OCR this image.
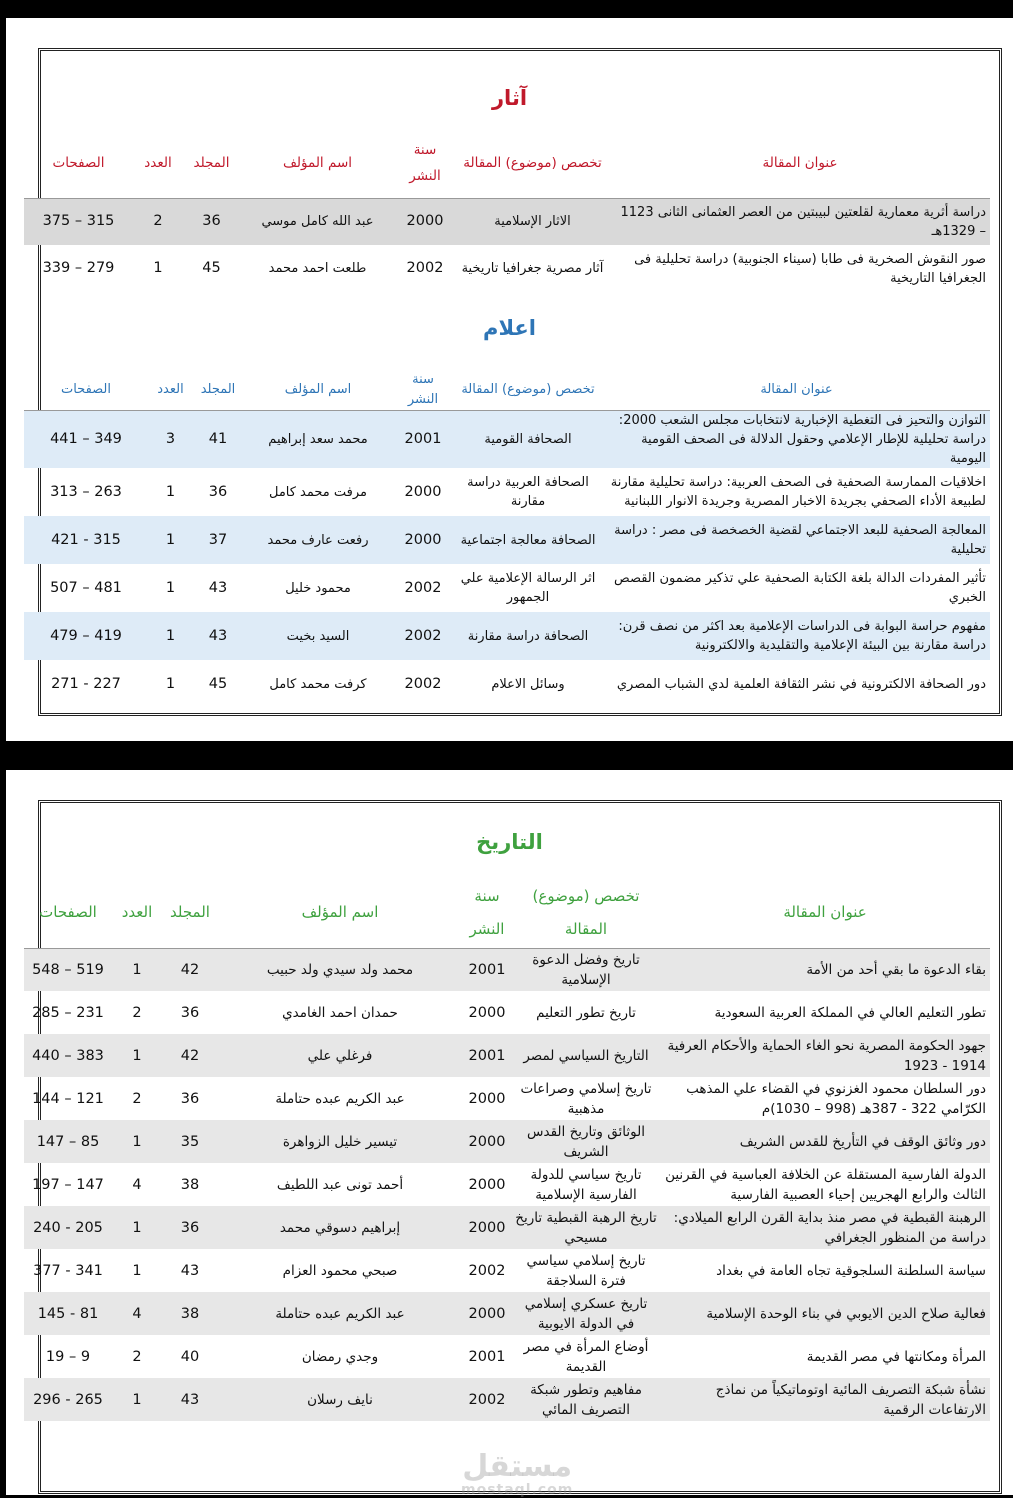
آثار
عنوان المقالة	تخصص (موضوع) المقالة	سنة النشر	اسم المؤلف	المجلد	العدد	الصفحات
دراسة أثرية معمارية لقلعتين لبيبتين من العصر العثمانى الثانى 1123 – 1329هـ	الاثار الإسلامية	2000	عبد الله كامل موسي	36	2	315 – 375
صور النقوش الصخرية فى طابا (سيناء الجنوبية) دراسة تحليلية فى الجغرافيا التاريخية	آثار مصرية جغرافيا تاريخية	2002	طلعت احمد محمد	45	1	279 – 339
اعلام
عنوان المقالة	تخصص (موضوع) المقالة	سنة النشر	اسم المؤلف	المجلد	العدد	الصفحات
التوازن والتحيز فى التغطية الإخبارية لانتخابات مجلس الشعب 2000: دراسة تحليلية للإطار الإعلامي وحقول الدلالة فى الصحف القومية اليومية	الصحافة القومية	2001	محمد سعد إبراهيم	41	3	349 – 441
اخلاقيات الممارسة الصحفية فى الصحف العربية: دراسة تحليلية مقارنة لطبيعة الأداء الصحفي بجريدة الاخبار المصرية وجريدة الانوار اللبنانية	الصحافة العربية دراسة مقارنة	2000	مرفت محمد كامل	36	1	263 – 313
المعالجة الصحفية للبعد الاجتماعي لقضية الخصخصة فى مصر : دراسة تحليلية	الصحافة معالجة اجتماعية	2000	رفعت عارف محمد	37	1	315 - 421
تأثير المفردات الدالة بلغة الكتابة الصحفية علي تذكير مضمون القصص الخبري	اثر الرسالة الإعلامية علي الجمهور	2002	محمود خليل	43	1	481 – 507
مفهوم حراسة البوابة فى الدراسات الإعلامية بعد اكثر من نصف قرن: دراسة مقارنة بين البيئة الإعلامية والتقليدية والالكترونية	الصحافة دراسة مقارنة	2002	السيد بخيت	43	1	419 – 479
دور الصحافة الالكترونية في نشر الثقافة العلمية لدي الشباب المصري	وسائل الاعلام	2002	كرفت محمد كامل	45	1	227 - 271
التاريخ
عنوان المقالة	تخصص (موضوع) المقالة	سنة النشر	اسم المؤلف	المجلد	العدد	الصفحات
بقاء الدعوة ما بقي أحد من الأمة	تاريخ وفضل الدعوة الإسلامية	2001	محمد ولد سيدي ولد حبيب	42	1	519 – 548
تطور التعليم العالي في المملكة العربية السعودية	تاريخ تطور التعليم	2000	حمدان احمد الغامدي	36	2	231 – 285
جهود الحكومة المصرية نحو الغاء الحماية والأحكام العرفية 1914 - 1923	التاريخ السياسي لمصر	2001	فرغلي علي	42	1	383 – 440
دور السلطان محمود الغزنوي في القضاء علي المذهب الكرّامي 322 - 387هـ (998 – 1030)م	تاريخ إسلامي وصراعات مذهبية	2000	عبد الكريم عبده حتاملة	36	2	121 – 144
دور وثائق الوقف في التأريخ للقدس الشريف	الوثائق وتاريخ القدس الشريف	2000	تيسير خليل الزواهرة	35	1	85 – 147
الدولة الفارسية المستقلة عن الخلافة العباسية في القرنين الثالث والرابع الهجريين إحياء العصبية الفارسية	تاريخ سياسي للدولة الفارسية الإسلامية	2000	أحمد تونى عبد اللطيف	38	4	147 – 197
الرهبنة القبطية في مصر منذ بداية القرن الرابع الميلادي: دراسة من المنظور الجغرافي	تاريخ الرهبة القبطية تاريخ مسيحي	2000	إبراهيم دسوقي محمد	36	1	205 - 240
سياسة السلطنة السلجوقية تجاه العامة في بغداد	تاريخ إسلامي سياسي فترة السلاجقة	2002	صبحي محمود العزام	43	1	341 - 377
فعالية صلاح الدين الايوبي في بناء الوحدة الإسلامية	تاريخ عسكري إسلامي في الدولة الايوبية	2000	عبد الكريم عبده حتاملة	38	4	81 - 145
المرأة ومكانتها في مصر القديمة	أوضاع المرأة في مصر القديمة	2001	وجدي رمضان	40	2	9 – 19
نشأة شبكة التصريف المائية اوتوماتيكياً من نماذج الارتفاعات الرقمية	مفاهيم وتطور شبكة التصريف المائي	2002	نايف رسلان	43	1	265 - 296
مستقل
mostaql.com
